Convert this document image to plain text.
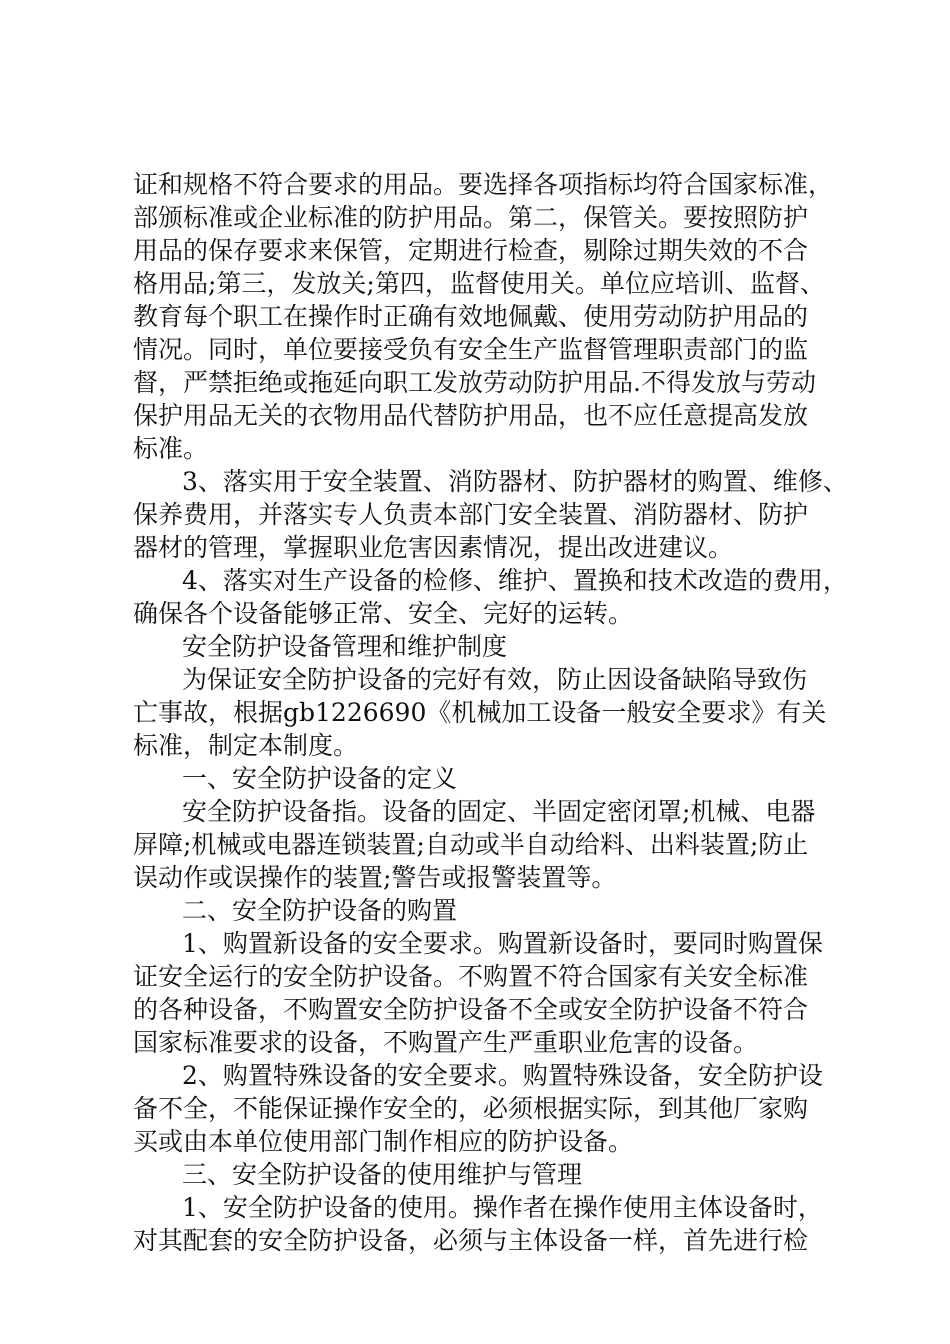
证和规格不符合要求的用品。要选择各项指标均符合国家标准，
部颁标准或企业标准的防护用品。第二，保管关。要按照防护
用品的保存要求来保管，定期进行检查，剔除过期失效的不合
格用品;第三，发放关;第四，监督使用关。单位应培训、监督、
教育每个职工在操作时正确有效地佩戴、使用劳动防护用品的
情况。同时，单位要接受负有安全生产监督管理职责部门的监
督，严禁拒绝或拖延向职工发放劳动防护用品.不得发放与劳动
保护用品无关的衣物用品代替防护用品，也不应任意提高发放
标准。
3、落实用于安全装置、消防器材、防护器材的购置、维修、
保养费用，并落实专人负责本部门安全装置、消防器材、防护
器材的管理，掌握职业危害因素情况，提出改进建议。
4、落实对生产设备的检修、维护、置换和技术改造的费用，
确保各个设备能够正常、安全、完好的运转。
安全防护设备管理和维护制度
为保证安全防护设备的完好有效，防止因设备缺陷导致伤
亡事故，根据gb1226690《机械加工设备一般安全要求》有关
标准，制定本制度。
一、安全防护设备的定义
安全防护设备指。设备的固定、半固定密闭罩;机械、电器
屏障;机械或电器连锁装置;自动或半自动给料、出料装置;防止
误动作或误操作的装置;警告或报警装置等。
二、安全防护设备的购置
1、购置新设备的安全要求。购置新设备时，要同时购置保
证安全运行的安全防护设备。不购置不符合国家有关安全标准
的各种设备，不购置安全防护设备不全或安全防护设备不符合
国家标准要求的设备，不购置产生严重职业危害的设备。
2、购置特殊设备的安全要求。购置特殊设备，安全防护设
备不全，不能保证操作安全的，必须根据实际，到其他厂家购
买或由本单位使用部门制作相应的防护设备。
三、安全防护设备的使用维护与管理
1、安全防护设备的使用。操作者在操作使用主体设备时，
对其配套的安全防护设备，必须与主体设备一样，首先进行检
